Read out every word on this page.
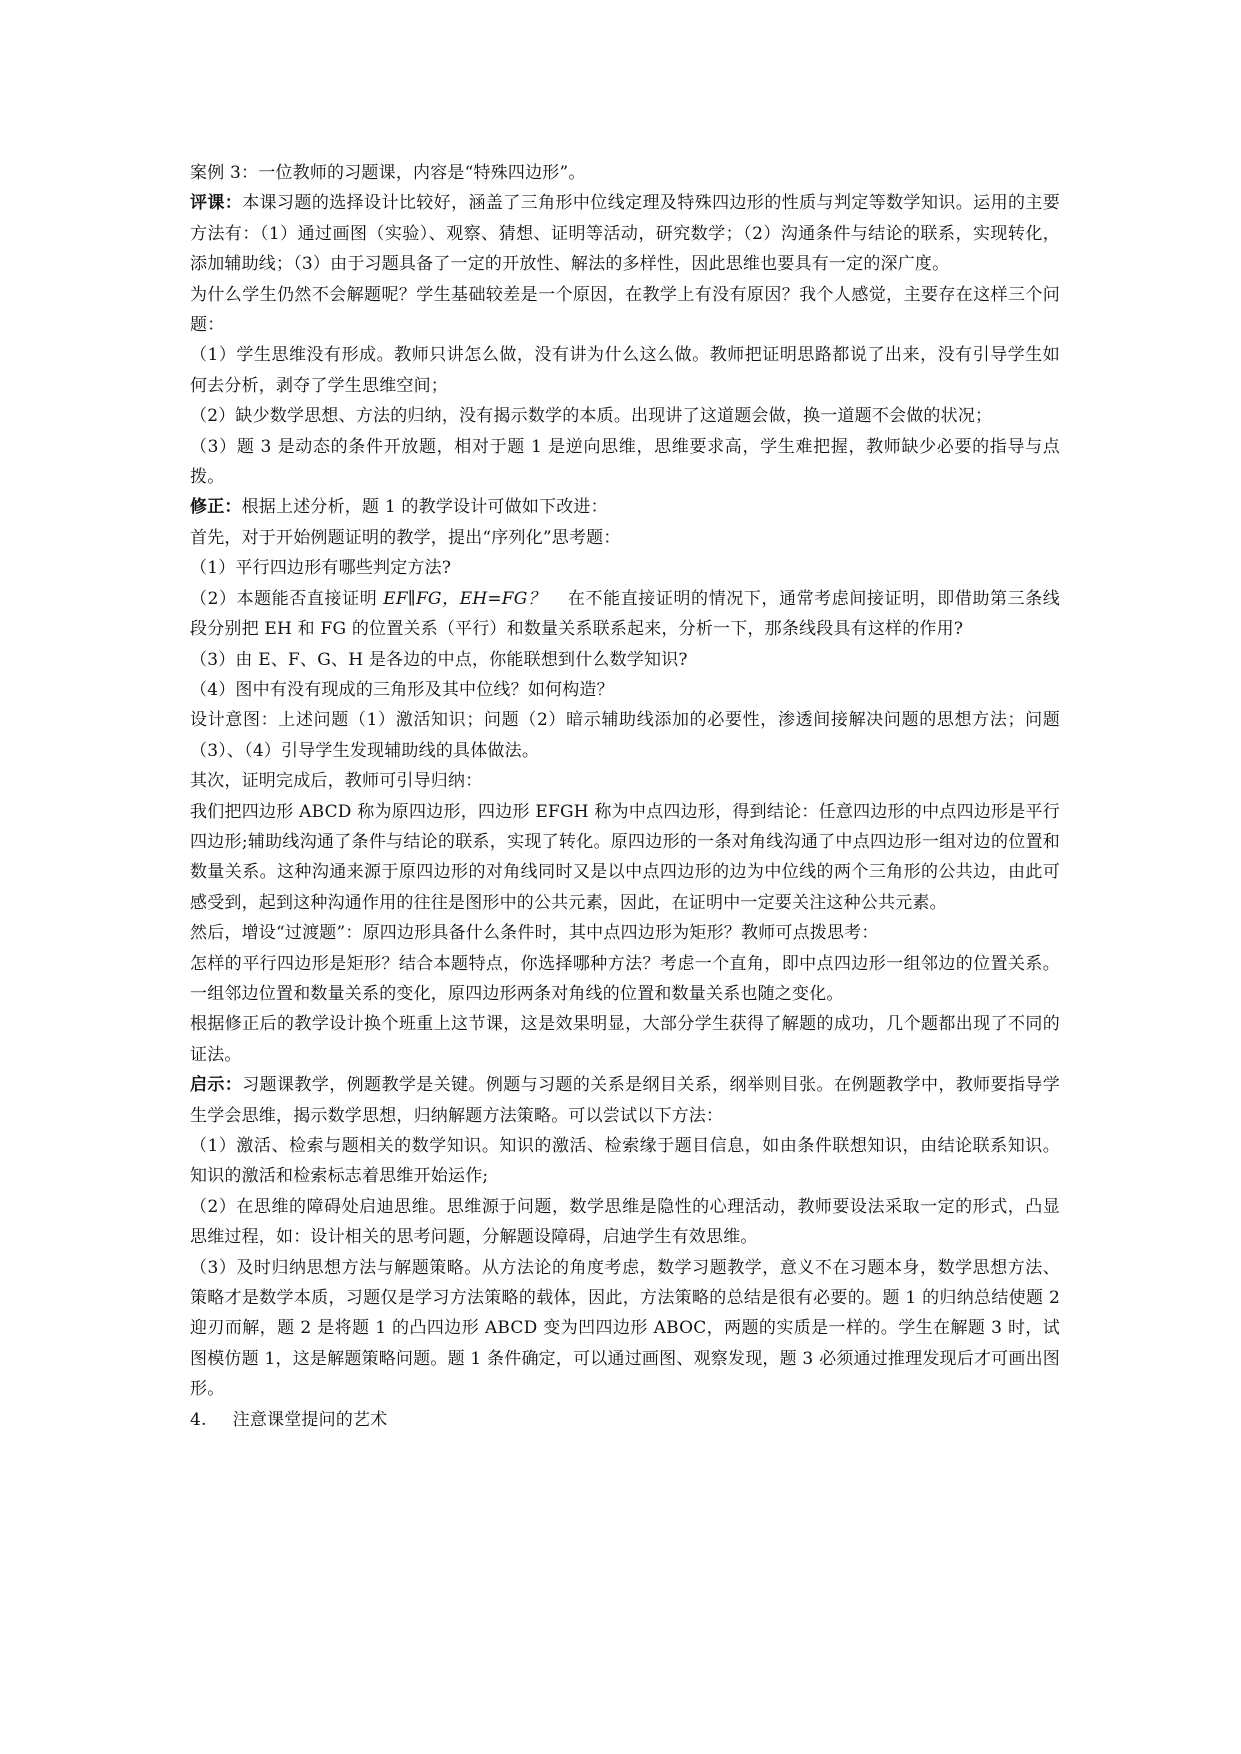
案例 3：一位教师的习题课，内容是“特殊四边形”。

评课：本课习题的选择设计比较好，涵盖了三角形中位线定理及特殊四边形的性质与判定等数学知识。运用的主要方法有：（1）通过画图（实验）、观察、猜想、证明等活动，研究数学；（2）沟通条件与结论的联系，实现转化，添加辅助线；（3）由于习题具备了一定的开放性、解法的多样性，因此思维也要具有一定的深广度。

为什么学生仍然不会解题呢？学生基础较差是一个原因，在教学上有没有原因？我个人感觉，主要存在这样三个问题：

（1）学生思维没有形成。教师只讲怎么做，没有讲为什么这么做。教师把证明思路都说了出来，没有引导学生如何去分析，剥夺了学生思维空间；

（2）缺少数学思想、方法的归纳，没有揭示数学的本质。出现讲了这道题会做，换一道题不会做的状况；

（3）题 3 是动态的条件开放题，相对于题 1 是逆向思维，思维要求高，学生难把握，教师缺少必要的指导与点拨。

修正：根据上述分析，题 1 的教学设计可做如下改进：

首先，对于开始例题证明的教学，提出“序列化”思考题：

（1）平行四边形有哪些判定方法?

（2）本题能否直接证明 EF∥FG，EH=FG？ 在不能直接证明的情况下，通常考虑间接证明，即借助第三条线段分别把 EH 和 FG 的位置关系（平行）和数量关系联系起来，分析一下，那条线段具有这样的作用?

（3）由 E、F、G、H 是各边的中点，你能联想到什么数学知识?

（4）图中有没有现成的三角形及其中位线？如何构造？

设计意图：上述问题（1）激活知识；问题（2）暗示辅助线添加的必要性，渗透间接解决问题的思想方法；问题（3）、（4）引导学生发现辅助线的具体做法。

其次，证明完成后，教师可引导归纳：

我们把四边形 ABCD 称为原四边形，四边形 EFGH 称为中点四边形，得到结论：任意四边形的中点四边形是平行四边形;辅助线沟通了条件与结论的联系，实现了转化。原四边形的一条对角线沟通了中点四边形一组对边的位置和数量关系。这种沟通来源于原四边形的对角线同时又是以中点四边形的边为中位线的两个三角形的公共边，由此可感受到，起到这种沟通作用的往往是图形中的公共元素，因此，在证明中一定要关注这种公共元素。

然后，增设“过渡题”：原四边形具备什么条件时，其中点四边形为矩形？教师可点拨思考：

怎样的平行四边形是矩形？结合本题特点，你选择哪种方法？考虑一个直角，即中点四边形一组邻边的位置关系。一组邻边位置和数量关系的变化，原四边形两条对角线的位置和数量关系也随之变化。

根据修正后的教学设计换个班重上这节课，这是效果明显，大部分学生获得了解题的成功，几个题都出现了不同的证法。

启示：习题课教学，例题教学是关键。例题与习题的关系是纲目关系，纲举则目张。在例题教学中，教师要指导学生学会思维，揭示数学思想，归纳解题方法策略。可以尝试以下方法：

（1）激活、检索与题相关的数学知识。知识的激活、检索缘于题目信息，如由条件联想知识，由结论联系知识。知识的激活和检索标志着思维开始运作;

（2）在思维的障碍处启迪思维。思维源于问题，数学思维是隐性的心理活动，教师要设法采取一定的形式，凸显思维过程，如：设计相关的思考问题，分解题设障碍，启迪学生有效思维。

（3）及时归纳思想方法与解题策略。从方法论的角度考虑，数学习题教学，意义不在习题本身，数学思想方法、策略才是数学本质，习题仅是学习方法策略的载体，因此，方法策略的总结是很有必要的。题 1 的归纳总结使题 2 迎刃而解，题 2 是将题 1 的凸四边形 ABCD 变为凹四边形 ABOC，两题的实质是一样的。学生在解题 3 时，试图模仿题 1，这是解题策略问题。题 1 条件确定，可以通过画图、观察发现，题 3 必须通过推理发现后才可画出图形。

4. 注意课堂提问的艺术
